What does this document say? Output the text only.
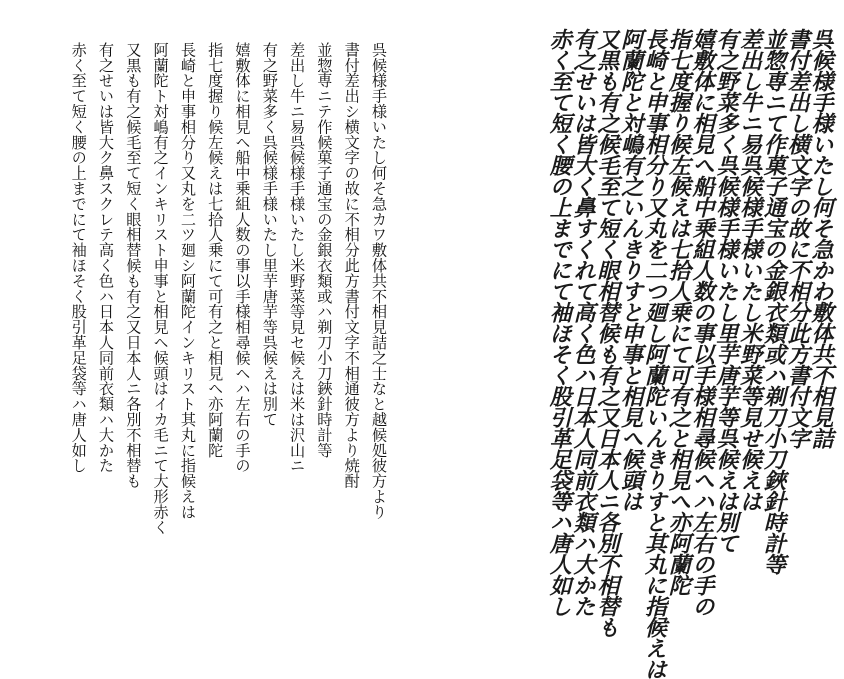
呉候様手様いたし何そ急カワ敷体共不相見詰之士なと越候処彼方より
書付差出シ横文字の故に不相分此方書付文字不相通彼方より焼酎
並惣専ニテ作候菓子通宝の金銀衣類或ハ剃刀小刀鋏針時計等
差出し牛ニ易呉候様手様いたし米野菜等見セ候えは米は沢山ニ
有之野菜多く呉候様手様いたし里芋唐芋等呉候えは別て
嬉敷体に相見ヘ船中乗組人数の事以手様相尋候ヘハ左右の手の
指七度握り候左候えは七拾人乗にて可有之と相見ヘ亦阿蘭陀
長崎と申事相分り又丸を二ツ廻シ阿蘭陀インキリスト其丸に指候えは
阿蘭陀ト対嶋有之インキリスト申事と相見ヘ候頭はイカ毛ニて大形赤く
又黒も有之候毛至て短く眼相替候も有之又日本人ニ各別不相替も
有之せいは皆大ク鼻スクレテ高く色ハ日本人同前衣類ハ大かた
赤く至て短く腰の上までにて袖ほそく股引革足袋等ハ唐人如し	呉候様手様いたし何そ急かわ敷体共不相見詰
書付差出し横文字の故に不相分此方書付文字
並惣専ニて作菓子通宝の金銀衣類或ハ剃刀小刀鋏針時計等
差出し牛ニ易呉候様手様いたし米野菜等見せ候えは
有之野菜多く呉候様手様いたし里芋唐芋等呉候えは別て
嬉敷体に相見へ船中乗組人数の事以手様相尋候へハ左右の手の
指七度握り候左候えは七拾人乗にて可有之と相見へ亦阿蘭陀
長崎と申事相分り又丸を二つ廻し阿蘭陀いんきりすと其丸に指候えは
阿蘭陀と対嶋有之いんきりすと申事と相見へ候頭は
又黒も有之候毛至て短く眼相替候も有之又日本人ニ各別不相替も
有之せいは皆大く鼻すくれて高く色ハ日本人同前衣類ハ大かた
赤く至て短く腰の上までにて袖ほそく股引革足袋等ハ唐人如し
